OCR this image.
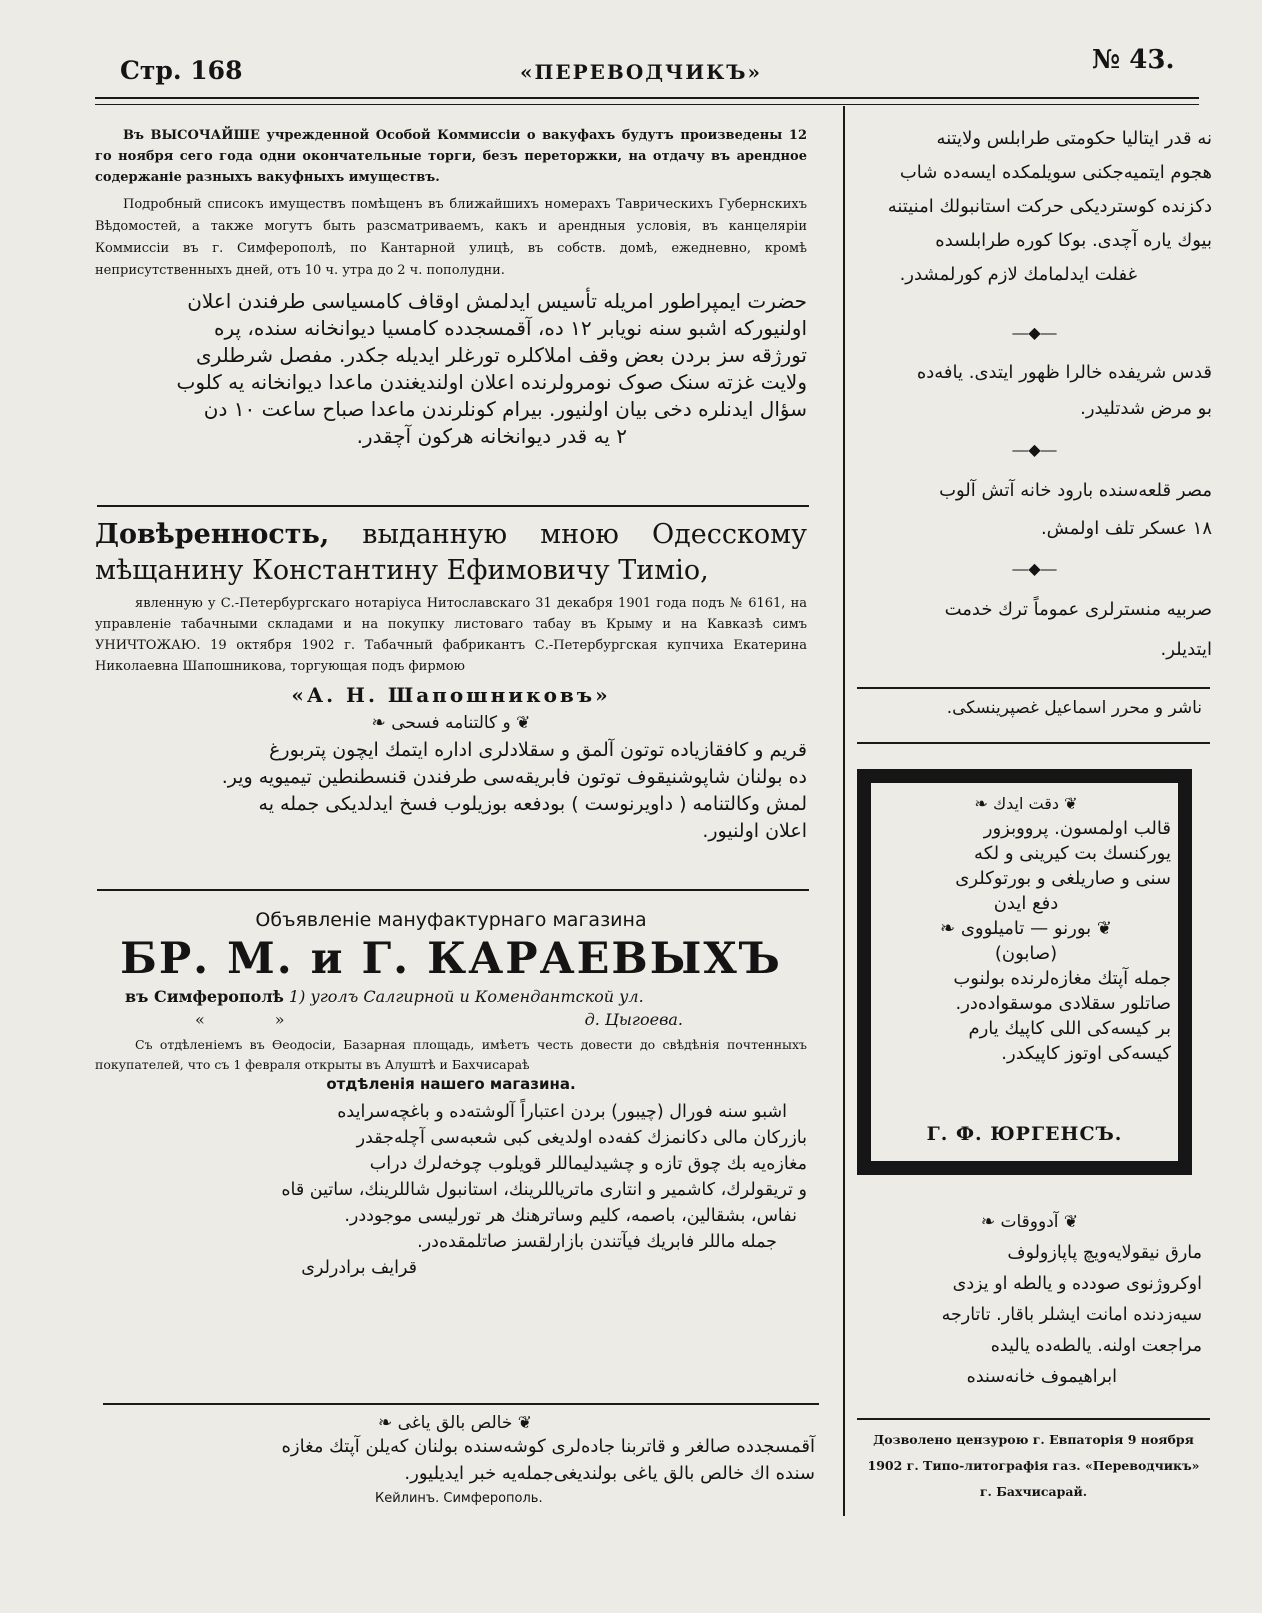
Стр. 168	«ПЕРЕВОДЧИКЪ»	№ 43.

Въ ВЫСОЧАЙШЕ учрежденной Особой Коммиссіи о вакуфахъ будутъ произведены 12 го ноября сего года одни окончательные торги, безъ переторжки, на отдачу въ арендное содержаніе разныхъ вакуфныхъ имуществъ.

Подробный списокъ имуществъ помѣщенъ въ ближайшихъ номерахъ Таврическихъ Губернскихъ Вѣдомостей, а также могутъ быть разсматриваемъ, какъ и арендныя условія, въ канцеляріи Коммиссіи въ г. Симферополѣ, по Кантарной улицѣ, въ собств. домѣ, ежедневно, кромѣ неприсутственныхъ дней, отъ 10 ч. утра до 2 ч. пополудни.

حضرت ایمپراطور امریله تأسیس ایدلمش اوقاف کامسیاسی طرفندن اعلان

اولنیورکه اشبو سنه نویابر ۱۲ ده، آقمسجدده کامسیا دیوانخانه سنده، پره

تورژقه سز بردن بعض وقف املاکلره تورغلر ایدیله جکدر. مفصل شرطلری

ولایت غزته سنک صوک نومرولرنده اعلان اولندیغندن ماعدا دیوانخانه یه کلوب

سؤال ایدنلره دخی بیان اولنیور. بیرام کونلرندن ماعدا صباح ساعت ۱۰ دن

۲ یه قدر دیوانخانه هرکون آچقدر.

Довѣренность, выданную мною Одесскому мѣщанину Константину Ефимовичу Тиміо,

явленную у С.-Петербургскаго нотаріуса Нитославскаго 31 декабря 1901 года подъ № 6161, на управленіе табачными складами и на покупку листоваго табау въ Крыму и на Кавказѣ симъ УНИЧТОЖАЮ. 19 октября 1902 г. Табачный фабрикантъ С.-Петербургская купчиха Екатерина Николаевна Шапошникова, торгующая подъ фирмою

«А. Н. Шапошниковъ»

❦ و كالتنامه فسحى ❧

قریم و کافقازیاده توتون آلمق و سقلادلری اداره ایتمك ایچون پتربورغ

ده بولنان شاپوشنیقوف توتون فابریقه‌سی طرفندن قنسطنطین تیمیویه ویر.

لمش وكالتنامه ( داویرنوست ) بودفعه بوزیلوب فسخ ایدلدیکی جمله یه

اعلان اولنیور.

Объявленіе мануфактурнаго магазина

БР. М. и Г. КАРАЕВЫХЪ

въ Симферополѣ 1) уголъ Салгирной и Комендантской ул.

«	»	д. Цыгоева.

Съ отдѣленіемъ въ Ѳеодосіи, Базарная площадь, имѣетъ честь довести до свѣдѣнія почтенныхъ покупателей, что съ 1 февраля открыты въ Алуштѣ и Бахчисараѣ

отдѣленія нашего магазина.

اشبو سنه فورال (چیبور) بردن اعتباراً آلوشته‌ده و باغچه‌سرایده

بازرکان مالی دکانمزك كفه‌ده اولدیغی کبی شعبه‌سی آچله‌جقدر

مغازه‌یه بك چوق تازه و چشیدلیماللر قویلوب چوخه‌لرك دراب

و تریقولرك، کاشمیر و انتاری ماتریاللرینك، استانبول شاللرینك، ساتین قاه

نفاس، بشقالین، باصمه، کلیم وساترهنك هر تورلیسی موجوددر.

جمله ماللر فابریك فیآتندن بازارلقسز صاتلمقده‌در.

قرایف برادرلری

❦ خالص بالق یاغی ❧

آقمسجدده صالغر و قاتربنا جاده‌لری کوشه‌سنده بولنان کەیلن آپتك مغازه

سنده اك خالص بالق یاغی بولندیغی‌جمله‌یه خبر ایدیلیور.

Кейлинъ. Симферополь.

نه قدر ایتالیا حکومتی طرابلس ولایتنه

هجوم ایتمیه‌جکنی سویلمکده ایسه‌ده شاب

دکزنده کوستردیکی حرکت استانبولك امنیتنه

بیوك یاره آچدی. بوکا کوره طرابلسده

غفلت ایدلمامك لازم کورلمشدر.

―◆―

قدس شریفده خالرا ظهور ایتدی. یافه‌ده

بو مرض شدتلیدر.

―◆―

مصر قلعه‌سنده بارود خانه آتش آلوب

۱۸ عسکر تلف اولمش.

―◆―

صربیه منسترلری عموماً ترك خدمت

ایتدیلر.

ناشر و محرر اسماعیل غصپرینسکی.

❦ دقت ایدك ❧

قالب اولمسون. پرووبزور

یورکنسك بت کیرینی و لکه

سنی و صاریلغی و بورتوکلری

دفع ایدن

❦ بورنو — تامیلووی ❧

(صابون)

جمله آپتك مغازه‌لرنده بولنوب

صاتلور سقلادی موسقواده‌در.

بر کیسه‌کی اللی کاپیك یارم

کیسه‌کی اوتوز کاپیکدر.

Г. Ф. ЮРГЕНСЪ.

❦ آدووقات ❧

مارق نیقولایه‌ویچ پاپازولوف

اوکروژنوی صودده و یالطه او یزدی

سیه‌زدنده امانت ایشلر باقار. تاتارجه

مراجعت اولنه. یالطه‌ده یالیده

ابراهیموف خانه‌سنده

Дозволено цензурою г. Евпаторія 9 ноября

1902 г. Типо-литографія газ. «Переводчикъ»

г. Бахчисарай.
